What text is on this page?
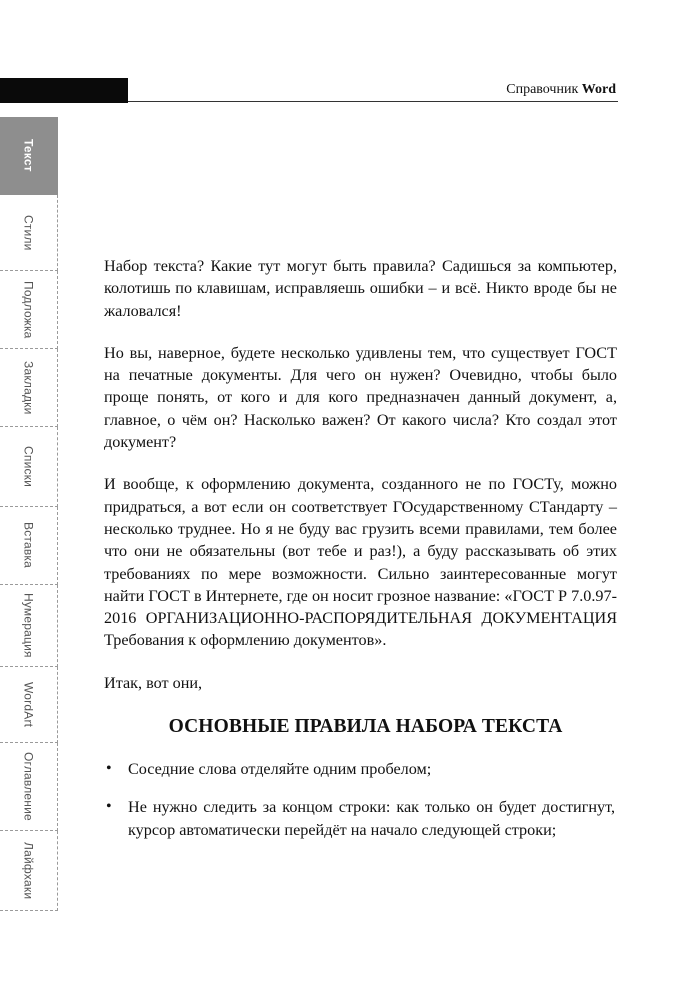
14
Справочник Word
Текст
Стили
Подложка
Закладки
Списки
Вставка
Нумерация
WordArt
Оглавление
Лайфхаки

Набор текста? Какие тут могут быть правила? Садишься за компьютер, колотишь по клавишам, исправляешь ошибки – и всё. Никто вроде бы не жаловался!

Но вы, наверное, будете несколько удивлены тем, что существует ГОСТ на печатные документы. Для чего он нужен? Очевидно, чтобы было проще понять, от кого и для кого предназначен данный документ, а, главное, о чём он? Насколько важен? От какого числа? Кто создал этот документ?

И вообще, к оформлению документа, созданного не по ГОСТу, можно придраться, а вот если он соответствует ГОсударственному СТандарту – несколько труднее. Но я не буду вас грузить всеми правилами, тем более что они не обязательны (вот тебе и раз!), а буду рассказывать об этих требованиях по мере возможности. Сильно заинтересованные могут найти ГОСТ в Интернете, где он носит грозное название: «ГОСТ Р 7.0.97-2016 ОРГАНИЗАЦИОННО-РАСПОРЯДИТЕЛЬНАЯ ДОКУМЕНТАЦИЯ Требования к оформлению документов».

Итак, вот они,

ОСНОВНЫЕ ПРАВИЛА НАБОРА ТЕКСТА
• Соседние слова отделяйте одним пробелом;
• Не нужно следить за концом строки: как только он будет достигнут, курсор автоматически перейдёт на начало следующей строки;
